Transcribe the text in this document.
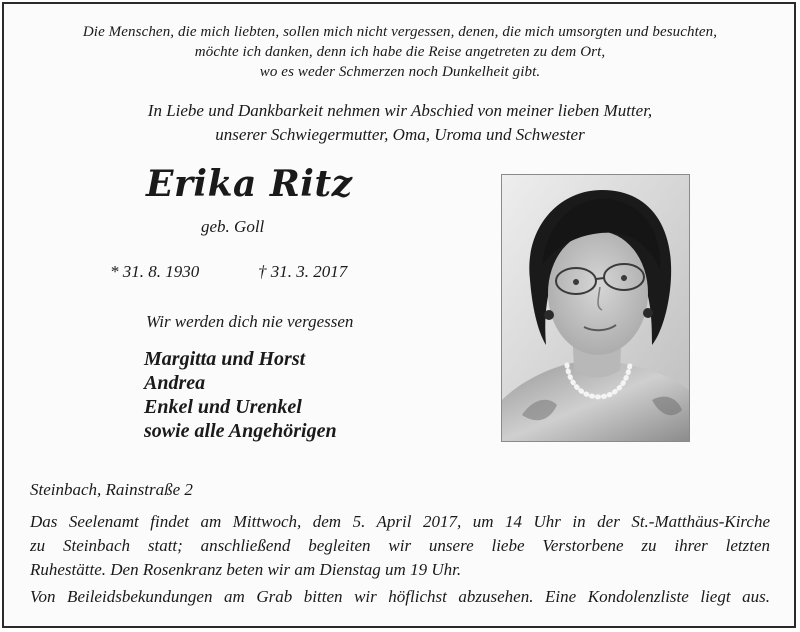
Die Menschen, die mich liebten, sollen mich nicht vergessen, denen, die mich umsorgten und besuchten,
möchte ich danken, denn ich habe die Reise angetreten zu dem Ort,
wo es weder Schmerzen noch Dunkelheit gibt.
In Liebe und Dankbarkeit nehmen wir Abschied von meiner lieben Mutter,
unserer Schwiegermutter, Oma, Uroma und Schwester
Erika Ritz
geb. Goll
* 31. 8. 1930	† 31. 3. 2017
Wir werden dich nie vergessen
Margitta und Horst
Andrea
Enkel und Urenkel
sowie alle Angehörigen
Steinbach, Rainstraße 2
Das Seelenamt findet am Mittwoch, dem 5. April 2017, um 14 Uhr in der St.-Matthäus-Kirche
zu Steinbach statt; anschließend begleiten wir unsere liebe Verstorbene zu ihrer letzten
Ruhestätte. Den Rosenkranz beten wir am Dienstag um 19 Uhr.
Von Beileidsbekundungen am Grab bitten wir höflichst abzusehen. Eine Kondolenzliste liegt aus.
